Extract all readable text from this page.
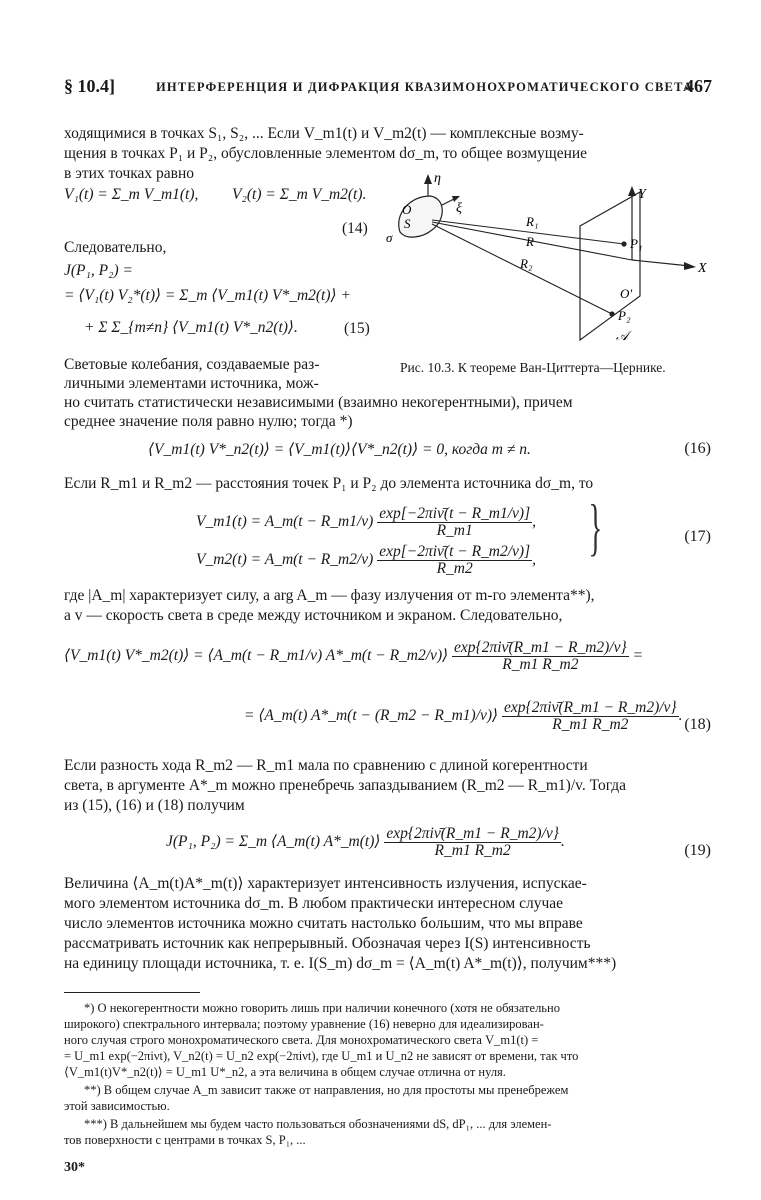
§ 10.4]	ИНТЕРФЕРЕНЦИЯ И ДИФРАКЦИЯ КВАЗИМОНОХРОМАТИЧЕСКОГО СВЕТА
467
ходящимися в точках S₁, S₂, ... Если V_m1(t) и V_m2(t) — комплексные возму-
щения в точках P₁ и P₂, обусловленные элементом dσ_m, то общее возмущение
в этих точках равно
V₁(t) = Σ_m V_m1(t), V₂(t) = Σ_m V_m2(t).
(14)
Следовательно,
J(P₁, P₂) =
= ⟨V₁(t) V₂*(t)⟩ = Σ_m ⟨V_m1(t) V*_m2(t)⟩ +
+ Σ Σ_{m≠n} ⟨V_m1(t) V*_n2(t)⟩.	(15)
η
ξ
O
S
σ
Y
X
R₁
R
R₂
P₁
P₂
O′
𝒜
Рис. 10.3. К теореме Ван-Циттерта—Цернике.
Световые колебания, создаваемые раз-
личными элементами источника, мож-
но считать статистически независимыми (взаимно некогерентными), причем
среднее значение поля равно нулю; тогда *)
⟨V_m1(t) V*_n2(t)⟩ = ⟨V_m1(t)⟩⟨V*_n2(t)⟩ = 0, когда m ≠ n.	(16)
Если R_m1 и R_m2 — расстояния точек P₁ и P₂ до элемента источника dσ_m, то
V_m1(t) = A_m(t − R_m1/v) $\frac{\text{exp[−2πiν̄(t − R\_m1/v)]}}{R\_m1}$ ,
V_m2(t) = A_m(t − R_m2/v) $\frac{\text{exp[−2πiν̄(t − R\_m2/v)]}}{R\_m2}$ , }	(17)
где |A_m| характеризует силу, а arg A_m — фазу излучения от m-го элемента**),
а v — скорость света в среде между источником и экраном. Следовательно,
⟨V_m1(t) V*_m2(t)⟩ = ⟨A_m(t − R_m1/v) A*_m(t − R_m2/v)⟩ $\frac{\text{exp\{2πiν̄(R\_m1 − R\_m2)/v\}}}{R\_m1 R\_m2}$ =
= ⟨A_m(t) A*_m(t − (R_m2 − R_m1)/v)⟩ $\frac{\text{exp\{2πiν̄(R\_m1 − R\_m2)/v\}}}{R\_m1 R\_m2}$ .
(18)
Если разность хода R_m2 — R_m1 мала по сравнению с длиной когерентности
света, в аргументе A*_m можно пренебречь запаздыванием (R_m2 — R_m1)/v. Тогда
из (15), (16) и (18) получим
J(P₁, P₂) = Σ_m ⟨A_m(t) A*_m(t)⟩ $\frac{\text{exp\{2πiν̄(R\_m1 − R\_m2)/v\}}}{R\_m1 R\_m2}$ .
(19)
Величина ⟨A_m(t)A*_m(t)⟩ характеризует интенсивность излучения, испускае-
мого элементом источника dσ_m. В любом практически интересном случае
число элементов источника можно считать настолько большим, что мы вправе
рассматривать источник как непрерывный. Обозначая через I(S) интенсивность
на единицу площади источника, т. е. I(S_m) dσ_m = ⟨A_m(t) A*_m(t)⟩, получим***)
*) О некогерентности можно говорить лишь при наличии конечного (хотя не обязательно
широкого) спектрального интервала; поэтому уравнение (16) неверно для идеализирован-
ного случая строго монохроматического света. Для монохроматического света V_m1(t) =
= U_m1 exp(−2πiνt), V_n2(t) = U_n2 exp(−2πiνt), где U_m1 и U_n2 не зависят от времени, так что
⟨V_m1(t)V*_n2(t)⟩ = U_m1 U*_n2, а эта величина в общем случае отлична от нуля.
**) В общем случае A_m зависит также от направления, но для простоты мы пренебрежем
этой зависимостью.
***) В дальнейшем мы будем часто пользоваться обозначениями dS, dP₁, ... для элемен-
тов поверхности с центрами в точках S, P₁, ...
30*
